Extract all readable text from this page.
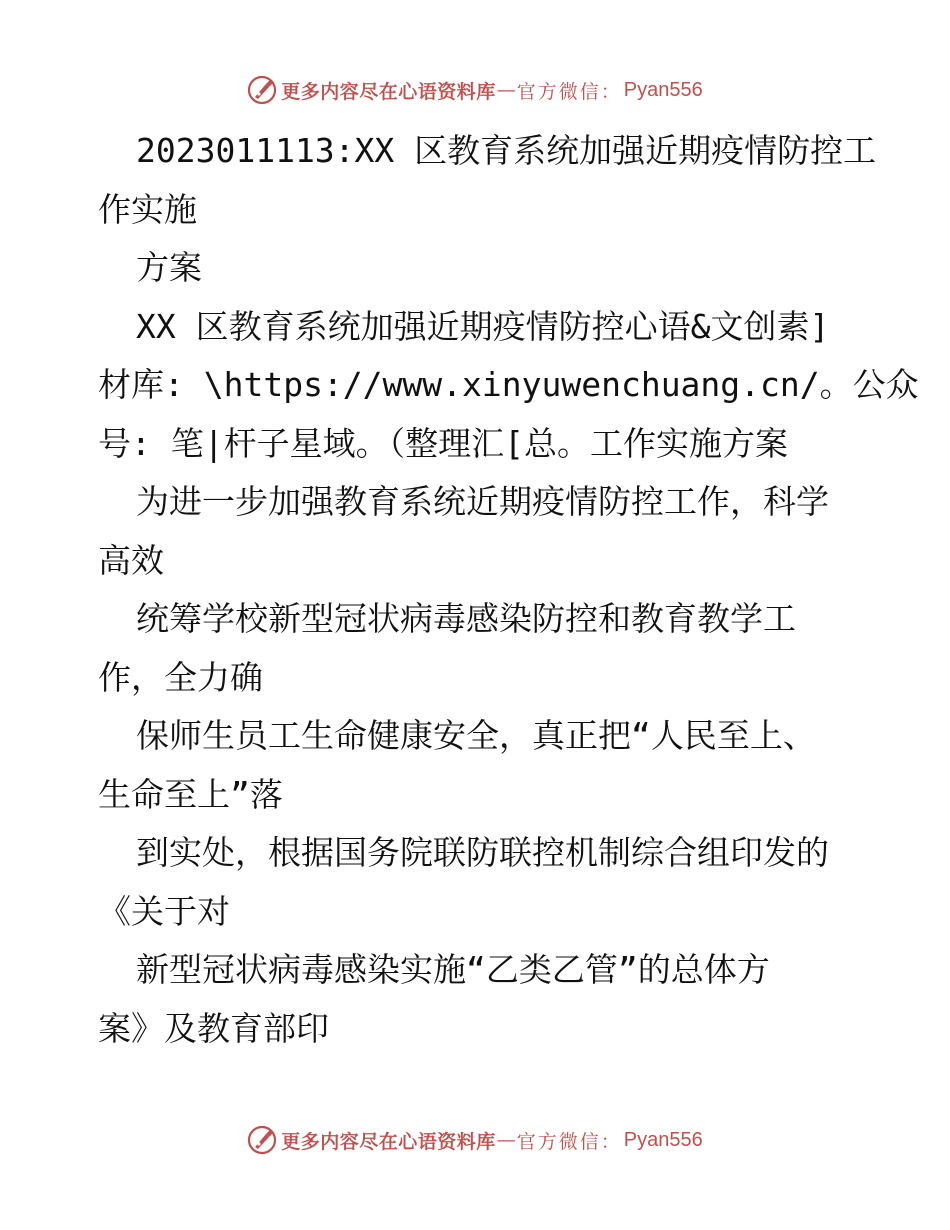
更多内容尽在心语资料库 — 官方微信 ： Pyan556

2023011113:XX 区教育系统加强近期疫情防控工

作实施

方案

XX 区教育系统加强近期疫情防控心语&文创素]

材库: \https://www.xinyuwenchuang.cn/。公众

号: 笔|杆子星域。（整理汇[总。工作实施方案

为进一步加强教育系统近期疫情防控工作，科学

高效

统筹学校新型冠状病毒感染防控和教育教学工

作，全力确

保师生员工生命健康安全，真正把“人民至上、

生命至上”落

到实处，根据国务院联防联控机制综合组印发的

《关于对

新型冠状病毒感染实施“乙类乙管”的总体方

案》及教育部印

更多内容尽在心语资料库 — 官方微信 ： Pyan556
